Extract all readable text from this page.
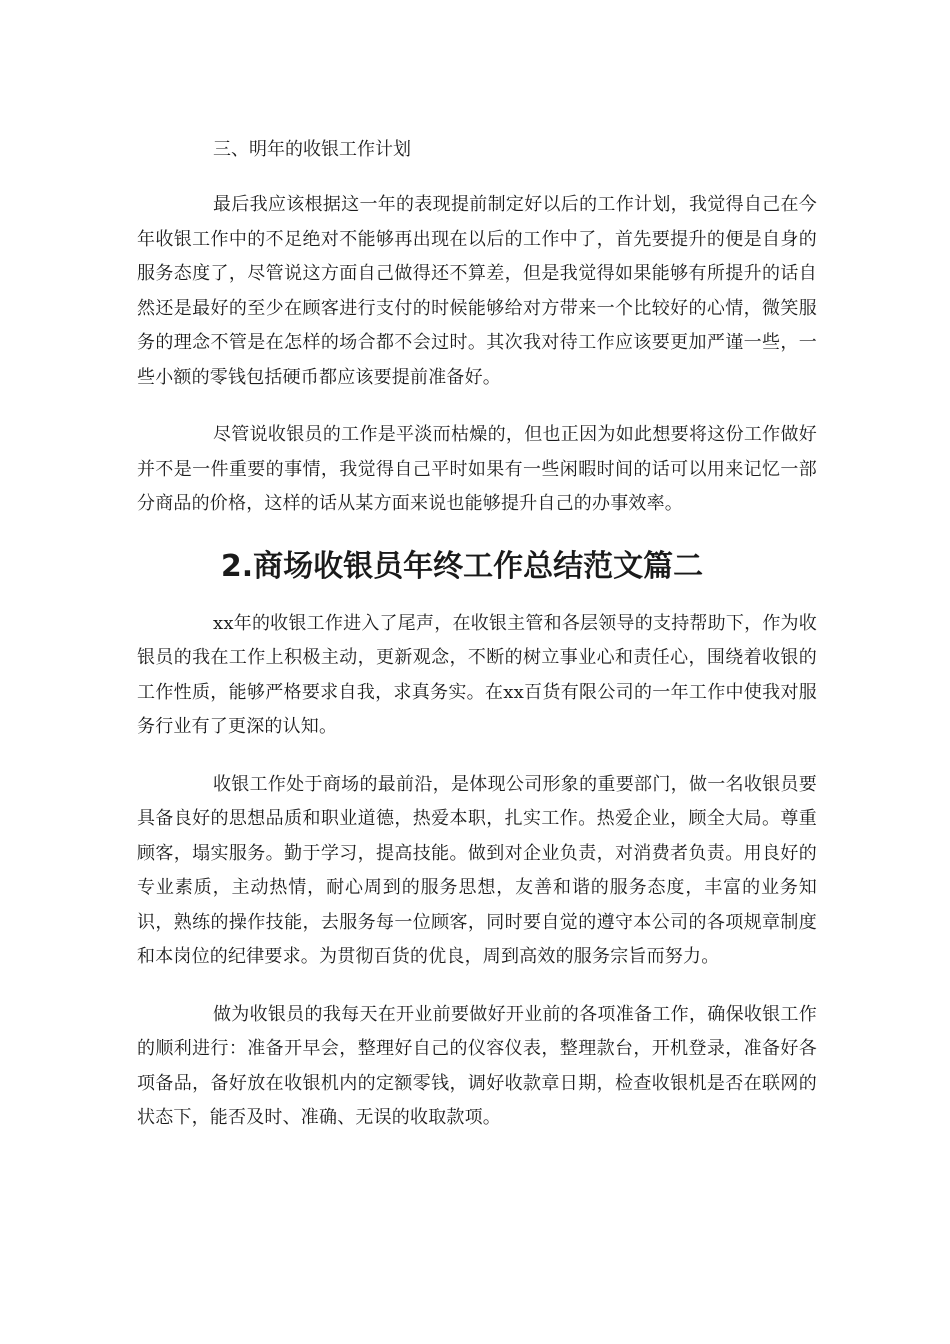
三、明年的收银工作计划

最后我应该根据这一年的表现提前制定好以后的工作计划，我觉得自己在今年收银工作中的不足绝对不能够再出现在以后的工作中了，首先要提升的便是自身的服务态度了，尽管说这方面自己做得还不算差，但是我觉得如果能够有所提升的话自然还是最好的至少在顾客进行支付的时候能够给对方带来一个比较好的心情，微笑服务的理念不管是在怎样的场合都不会过时。其次我对待工作应该要更加严谨一些，一些小额的零钱包括硬币都应该要提前准备好。

尽管说收银员的工作是平淡而枯燥的，但也正因为如此想要将这份工作做好并不是一件重要的事情，我觉得自己平时如果有一些闲暇时间的话可以用来记忆一部分商品的价格，这样的话从某方面来说也能够提升自己的办事效率。

2.商场收银员年终工作总结范文篇二

xx年的收银工作进入了尾声，在收银主管和各层领导的支持帮助下，作为收银员的我在工作上积极主动，更新观念，不断的树立事业心和责任心，围绕着收银的工作性质，能够严格要求自我，求真务实。在xx百货有限公司的一年工作中使我对服务行业有了更深的认知。

收银工作处于商场的最前沿，是体现公司形象的重要部门，做一名收银员要具备良好的思想品质和职业道德，热爱本职，扎实工作。热爱企业，顾全大局。尊重顾客，塌实服务。勤于学习，提高技能。做到对企业负责，对消费者负责。用良好的专业素质，主动热情，耐心周到的服务思想，友善和谐的服务态度，丰富的业务知识，熟练的操作技能，去服务每一位顾客，同时要自觉的遵守本公司的各项规章制度和本岗位的纪律要求。为贯彻百货的优良，周到高效的服务宗旨而努力。

做为收银员的我每天在开业前要做好开业前的各项准备工作，确保收银工作的顺利进行：准备开早会，整理好自己的仪容仪表，整理款台，开机登录，准备好各项备品，备好放在收银机内的定额零钱，调好收款章日期，检查收银机是否在联网的状态下，能否及时、准确、无误的收取款项。
